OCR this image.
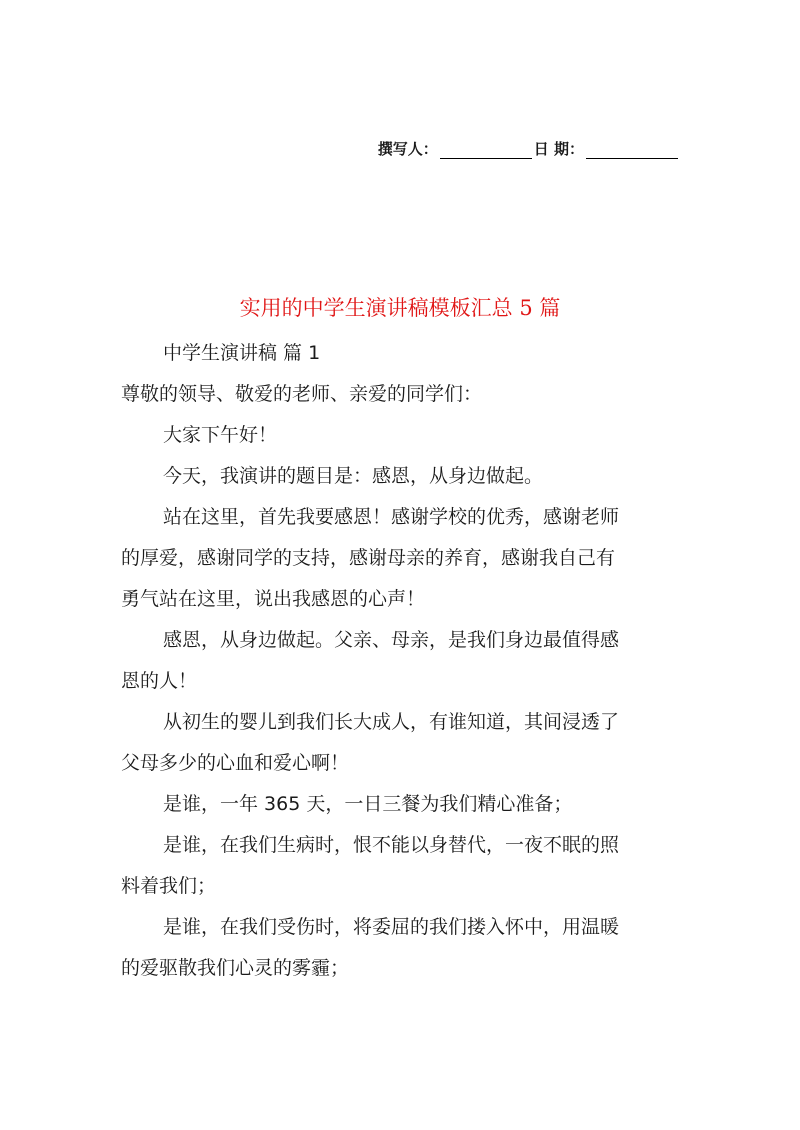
撰写人：	日 期：
实用的中学生演讲稿模板汇总 5 篇

中学生演讲稿 篇 1

尊敬的领导、敬爱的老师、亲爱的同学们：

大家下午好！

今天，我演讲的题目是：感恩，从身边做起。

站在这里，首先我要感恩！感谢学校的优秀，感谢老师

的厚爱，感谢同学的支持，感谢母亲的养育，感谢我自己有

勇气站在这里，说出我感恩的心声！

感恩，从身边做起。父亲、母亲，是我们身边最值得感

恩的人！

从初生的婴儿到我们长大成人，有谁知道，其间浸透了

父母多少的心血和爱心啊！

是谁，一年 365 天，一日三餐为我们精心准备；

是谁，在我们生病时，恨不能以身替代，一夜不眠的照

料着我们；

是谁，在我们受伤时，将委屈的我们搂入怀中，用温暖

的爱驱散我们心灵的雾霾；
